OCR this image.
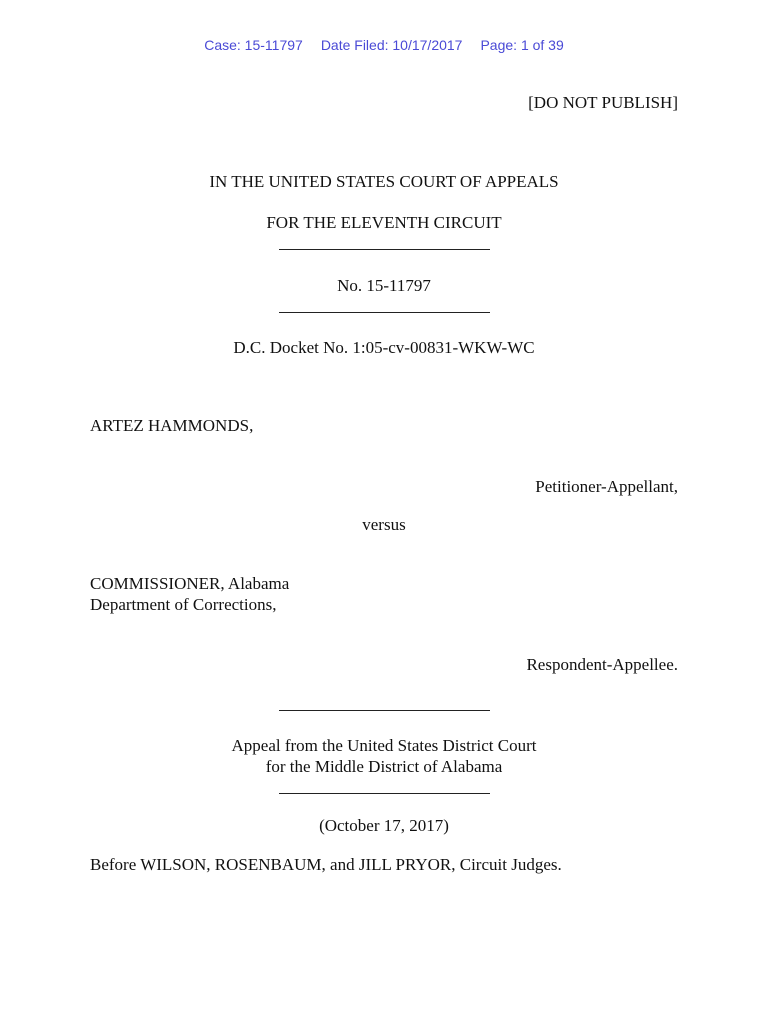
Case: 15-11797 Date Filed: 10/17/2017 Page: 1 of 39
[DO NOT PUBLISH]
IN THE UNITED STATES COURT OF APPEALS
FOR THE ELEVENTH CIRCUIT
No. 15-11797
D.C. Docket No. 1:05-cv-00831-WKW-WC
ARTEZ HAMMONDS,
Petitioner-Appellant,
versus
COMMISSIONER, Alabama
Department of Corrections,
Respondent-Appellee.
Appeal from the United States District Court
for the Middle District of Alabama
(October 17, 2017)
Before WILSON, ROSENBAUM, and JILL PRYOR, Circuit Judges.
